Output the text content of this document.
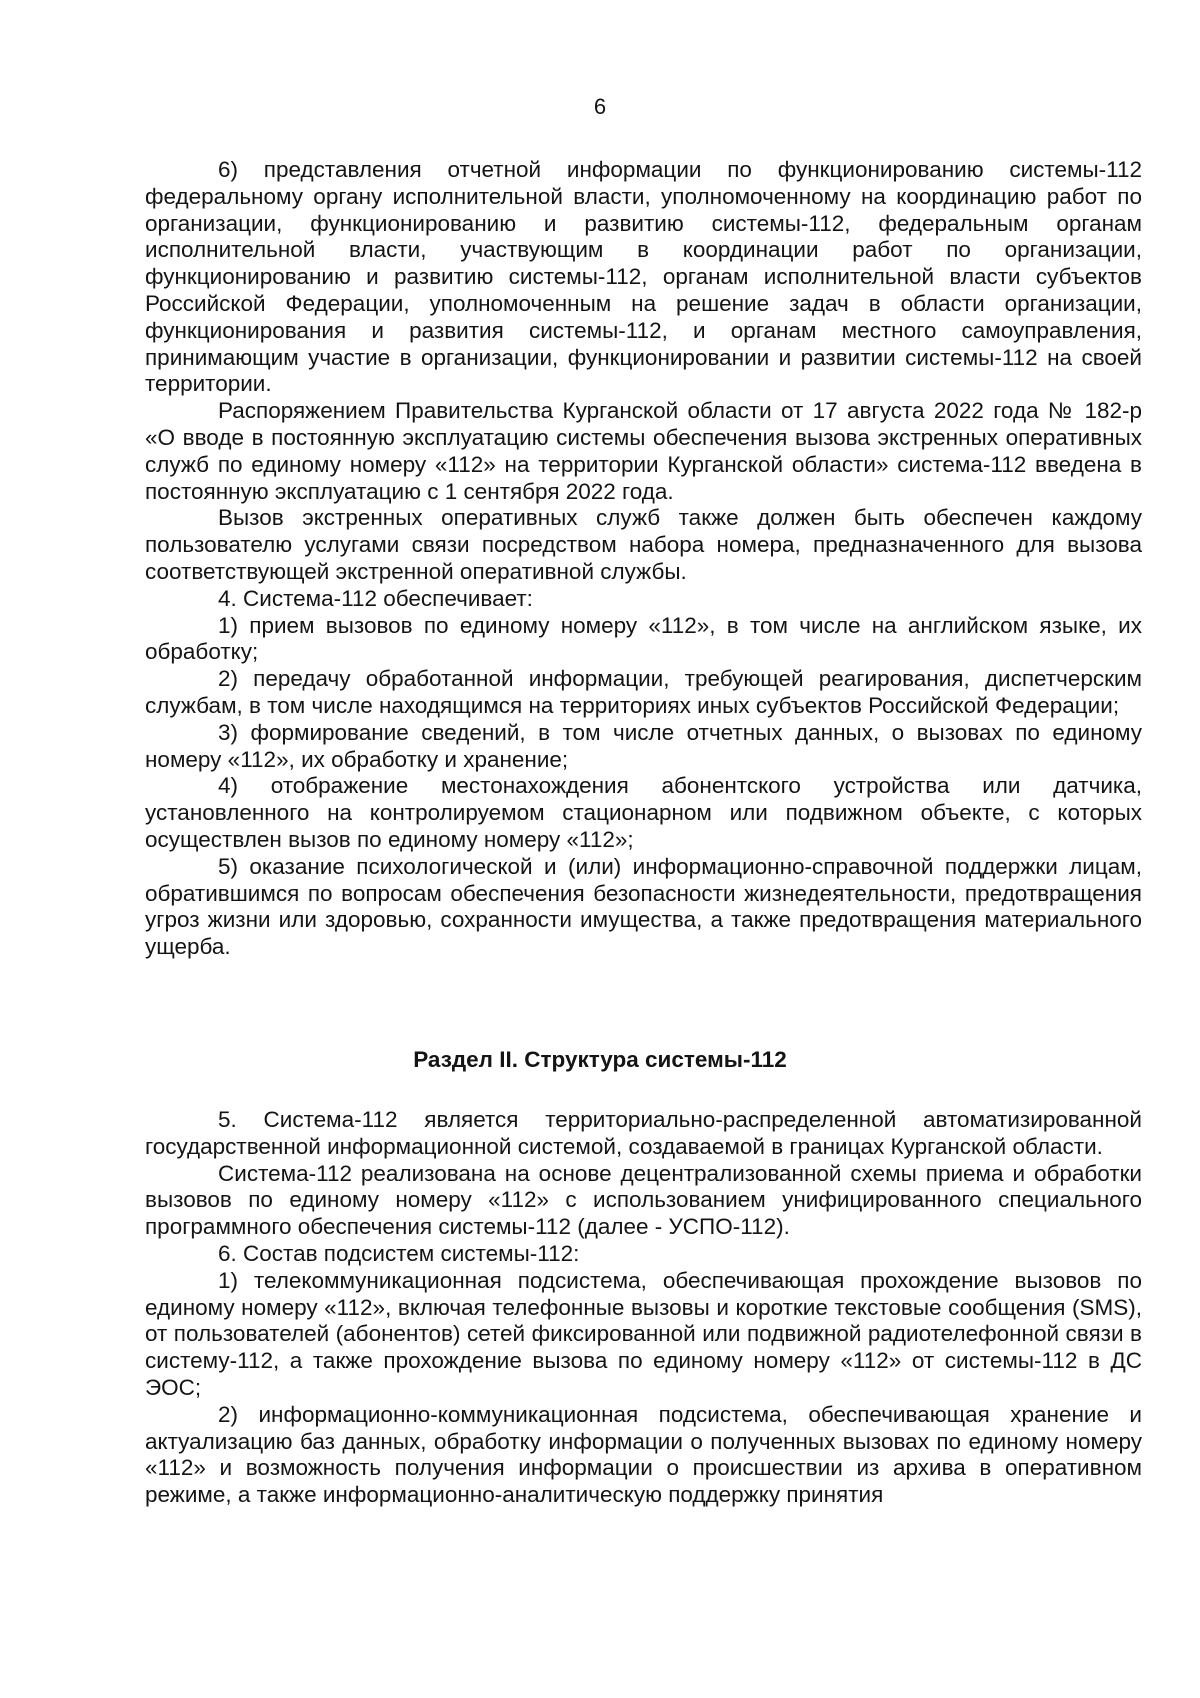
6

6) представления отчетной информации по функционированию системы-112 федеральному органу исполнительной власти, уполномоченному на координацию работ по организации, функционированию и развитию системы-112, федеральным органам исполнительной власти, участвующим в координации работ по организации, функционированию и развитию системы-112, органам исполнительной власти субъектов Российской Федерации, уполномоченным на решение задач в области организации, функционирования и развития системы-112, и органам местного самоуправления, принимающим участие в организации, функционировании и развитии системы-112 на своей территории.

Распоряжением Правительства Курганской области от 17 августа 2022 года № 182-р «О вводе в постоянную эксплуатацию системы обеспечения вызова экстренных оперативных служб по единому номеру «112» на территории Курганской области» система-112 введена в постоянную эксплуатацию с 1 сентября 2022 года.

Вызов экстренных оперативных служб также должен быть обеспечен каждому пользователю услугами связи посредством набора номера, предназначенного для вызова соответствующей экстренной оперативной службы.

4. Система-112 обеспечивает:

1) прием вызовов по единому номеру «112», в том числе на английском языке, их обработку;

2) передачу обработанной информации, требующей реагирования, диспетчерским службам, в том числе находящимся на территориях иных субъектов Российской Федерации;

3) формирование сведений, в том числе отчетных данных, о вызовах по единому номеру «112», их обработку и хранение;

4) отображение местонахождения абонентского устройства или датчика, установленного на контролируемом стационарном или подвижном объекте, с которых осуществлен вызов по единому номеру «112»;

5) оказание психологической и (или) информационно-справочной поддержки лицам, обратившимся по вопросам обеспечения безопасности жизнедеятельности, предотвращения угроз жизни или здоровью, сохранности имущества, а также предотвращения материального ущерба.

Раздел II. Структура системы-112

5. Система-112 является территориально-распределенной автоматизированной государственной информационной системой, создаваемой в границах Курганской области.

Система-112 реализована на основе децентрализованной схемы приема и обработки вызовов по единому номеру «112» с использованием унифицированного специального программного обеспечения системы-112 (далее - УСПО-112).

6. Состав подсистем системы-112:

1) телекоммуникационная подсистема, обеспечивающая прохождение вызовов по единому номеру «112», включая телефонные вызовы и короткие текстовые сообщения (SMS), от пользователей (абонентов) сетей фиксированной или подвижной радиотелефонной связи в систему-112, а также прохождение вызова по единому номеру «112» от системы-112 в ДС ЭОС;

2) информационно-коммуникационная подсистема, обеспечивающая хранение и актуализацию баз данных, обработку информации о полученных вызовах по единому номеру «112» и возможность получения информации о происшествии из архива в оперативном режиме, а также информационно-аналитическую поддержку принятия
